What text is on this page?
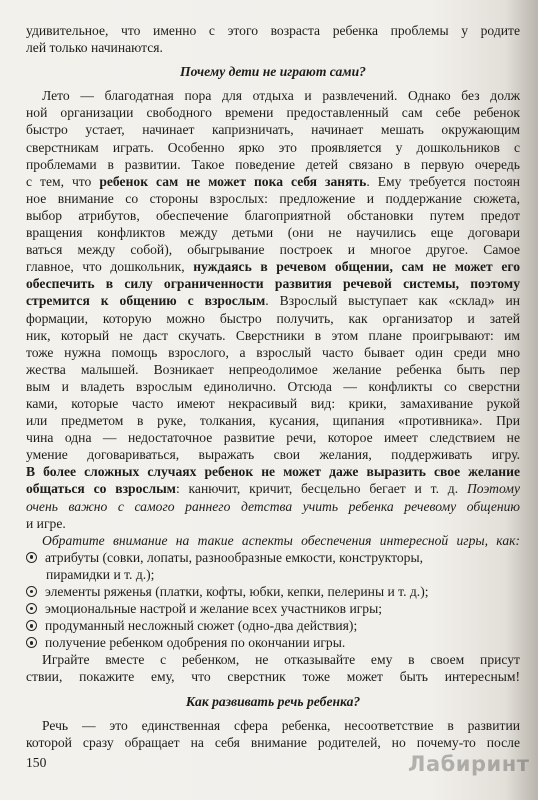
удивительное, что именно с этого возраста ребенка проблемы у родите
лей только начинаются.
Почему дети не играют сами?
Лето — благодатная пора для отдыха и развлечений. Однако без долж
ной организации свободного времени предоставленный сам себе ребенок
быстро устает, начинает капризничать, начинает мешать окружающим
сверстникам играть. Особенно ярко это проявляется у дошкольников с
проблемами в развитии. Такое поведение детей связано в первую очередь
с тем, что ребенок сам не может пока себя занять. Ему требуется постоян
ное внимание со стороны взрослых: предложение и поддержание сюжета,
выбор атрибутов, обеспечение благоприятной обстановки путем предот
вращения конфликтов между детьми (они не научились еще договари
ваться между собой), обыгрывание построек и многое другое. Самое
главное, что дошкольник, нуждаясь в речевом общении, сам не может его
обеспечить в силу ограниченности развития речевой системы, поэтому
стремится к общению с взрослым. Взрослый выступает как «склад» ин
формации, которую можно быстро получить, как организатор и затей
ник, который не даст скучать. Сверстники в этом плане проигрывают: им
тоже нужна помощь взрослого, а взрослый часто бывает один среди мно
жества малышей. Возникает непреодолимое желание ребенка быть пер
вым и владеть взрослым единолично. Отсюда — конфликты со сверстни
ками, которые часто имеют некрасивый вид: крики, замахивание рукой
или предметом в руке, толкания, кусания, щипания «противника». При
чина одна — недостаточное развитие речи, которое имеет следствием не
умение договариваться, выражать свои желания, поддерживать игру.
В более сложных случаях ребенок не может даже выразить свое желание
общаться со взрослым: канючит, кричит, бесцельно бегает и т. д. Поэтому
очень важно с самого раннего детства учить ребенка речевому общению
и игре.
Обратите внимание на такие аспекты обеспечения интересной игры, как:
атрибуты (совки, лопаты, разнообразные емкости, конструкторы,
пирамидки и т. д.);
элементы ряженья (платки, кофты, юбки, кепки, пелерины и т. д.);
эмоциональные настрой и желание всех участников игры;
продуманный несложный сюжет (одно-два действия);
получение ребенком одобрения по окончании игры.
Играйте вместе с ребенком, не отказывайте ему в своем присут
ствии, покажите ему, что сверстник тоже может быть интересным!
Как развивать речь ребенка?
Речь — это единственная сфера ребенка, несоответствие в развитии
которой сразу обращает на себя внимание родителей, но почему-то после
150	Лабиринт
